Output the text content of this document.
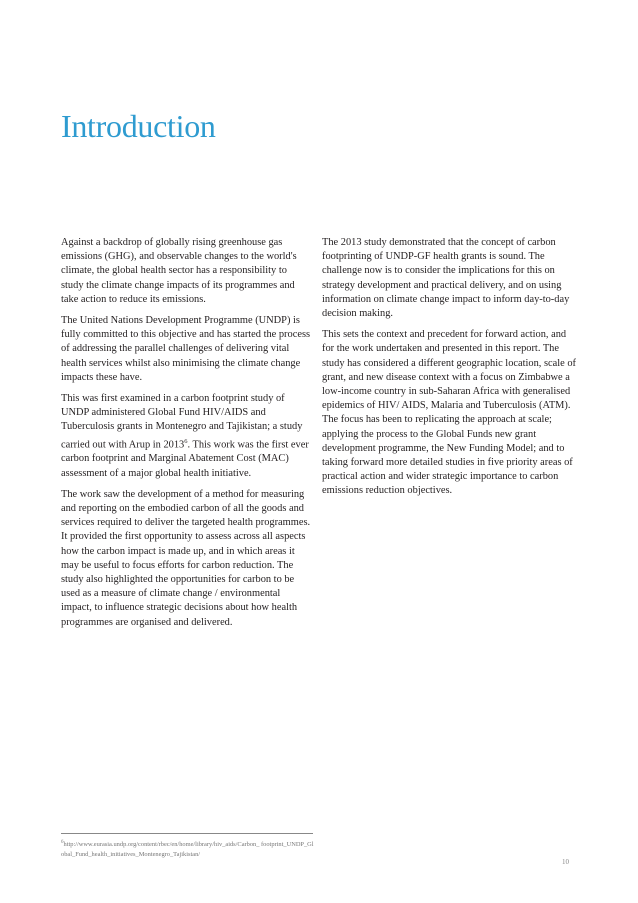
Introduction

Against a backdrop of globally rising greenhouse gas emissions (GHG), and observable changes to the world's climate, the global health sector has a responsibility to study the climate change impacts of its programmes and take action to reduce its emissions.

The United Nations Development Programme (UNDP) is fully committed to this objective and has started the process of addressing the parallel challenges of delivering vital health services whilst also minimising the climate change impacts these have.

This was first examined in a carbon footprint study of UNDP administered Global Fund HIV/AIDS and Tuberculosis grants in Montenegro and Tajikistan; a study carried out with Arup in 2013$^6$. This work was the first ever carbon footprint and Marginal Abatement Cost (MAC) assessment of a major global health initiative.

The work saw the development of a method for measuring and reporting on the embodied carbon of all the goods and services required to deliver the targeted health programmes. It provided the first opportunity to assess across all aspects how the carbon impact is made up, and in which areas it may be useful to focus efforts for carbon reduction. The study also highlighted the opportunities for carbon to be used as a measure of climate change / environmental impact, to influence strategic decisions about how health programmes are organised and delivered.

The 2013 study demonstrated that the concept of carbon footprinting of UNDP-GF health grants is sound. The challenge now is to consider the implications for this on strategy development and practical delivery, and on using information on climate change impact to inform day-to-day decision making.

This sets the context and precedent for forward action, and for the work undertaken and presented in this report. The study has considered a different geographic location, scale of grant, and new disease context with a focus on Zimbabwe a low-income country in sub-Saharan Africa with generalised epidemics of HIV/ AIDS, Malaria and Tuberculosis (ATM). The focus has been to replicating the approach at scale; applying the process to the Global Funds new grant development programme, the New Funding Model; and to taking forward more detailed studies in five priority areas of practical action and wider strategic importance to carbon emissions reduction objectives.

$^6$http://www.eurasia.undp.org/content/rbec/en/home/library/hiv_aids/Carbon_ footprint_UNDP_Global_Fund_health_initiatives_Montenegro_Tajikistan/
10
